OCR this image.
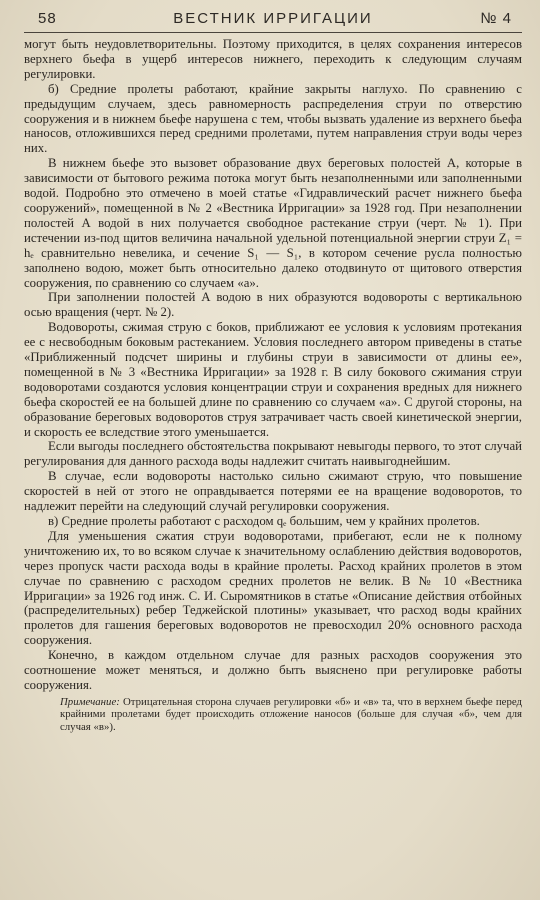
58	ВЕСТНИК ИРРИГАЦИИ	№ 4

могут быть неудовлетворительны. Поэтому приходится, в целях сохранения интересов верхнего бьефа в ущерб интересов нижнего, переходить к следующим случаям регулировки.

б) Средние пролеты работают, крайние закрыты наглухо. По сравнению с предыдущим случаем, здесь равномерность распределения струи по отверстию сооружения и в нижнем бьефе нарушена с тем, чтобы вызвать удаление из верхнего бьефа наносов, отложившихся перед средними пролетами, путем направления струи воды через них.

В нижнем бьефе это вызовет образование двух береговых полостей А, которые в зависимости от бытового режима потока могут быть незаполненными или заполненными водой. Подробно это отмечено в моей статье «Гидравлический расчет нижнего бьефа сооружений», помещенной в № 2 «Вестника Ирригации» за 1928 год. При незаполнении полостей А водой в них получается свободное растекание струи (черт. № 1). При истечении из-под щитов величина начальной удельной потенциальной энергии струи Z₁ = hₑ сравнительно невелика, и сечение S₁ — S₁, в котором сечение русла полностью заполнено водою, может быть относительно далеко отодвинуто от щитового отверстия сооружения, по сравнению со случаем «а».

При заполнении полостей А водою в них образуются водовороты с вертикальною осью вращения (черт. № 2).

Водовороты, сжимая струю с боков, приближают ее условия к условиям протекания ее с несвободным боковым растеканием. Условия последнего автором приведены в статье «Приближенный подсчет ширины и глубины струи в зависимости от длины ее», помещенной в № 3 «Вестника Ирригации» за 1928 г. В силу бокового сжимания струи водоворотами создаются условия концентрации струи и сохранения вредных для нижнего бьефа скоростей ее на большей длине по сравнению со случаем «а». С другой стороны, на образование береговых водоворотов струя затрачивает часть своей кинетической энергии, и скорость ее вследствие этого уменьшается.

Если выгоды последнего обстоятельства покрывают невыгоды первого, то этот случай регулирования для данного расхода воды надлежит считать наивыгоднейшим.

В случае, если водовороты настолько сильно сжимают струю, что повышение скоростей в ней от этого не оправдывается потерями ее на вращение водоворотов, то надлежит перейти на следующий случай регулировки сооружения.

в) Средние пролеты работают с расходом qₑ большим, чем у крайних пролетов.

Для уменьшения сжатия струи водоворотами, прибегают, если не к полному уничтожению их, то во всяком случае к значительному ослаблению действия водоворотов, через пропуск части расхода воды в крайние пролеты. Расход крайних пролетов в этом случае по сравнению с расходом средних пролетов не велик. В № 10 «Вестника Ирригации» за 1926 год инж. С. И. Сыромятников в статье «Описание действия отбойных (распределительных) ребер Теджейской плотины» указывает, что расход воды крайних пролетов для гашения береговых водоворотов не превосходил 20% основного расхода сооружения.

Конечно, в каждом отдельном случае для разных расходов сооружения это соотношение может меняться, и должно быть выяснено при регулировке работы сооружения.

Примечание: Отрицательная сторона случаев регулировки «б» и «в» та, что в верхнем бьефе перед крайними пролетами будет происходить отложение наносов (больше для случая «б», чем для случая «в»).
